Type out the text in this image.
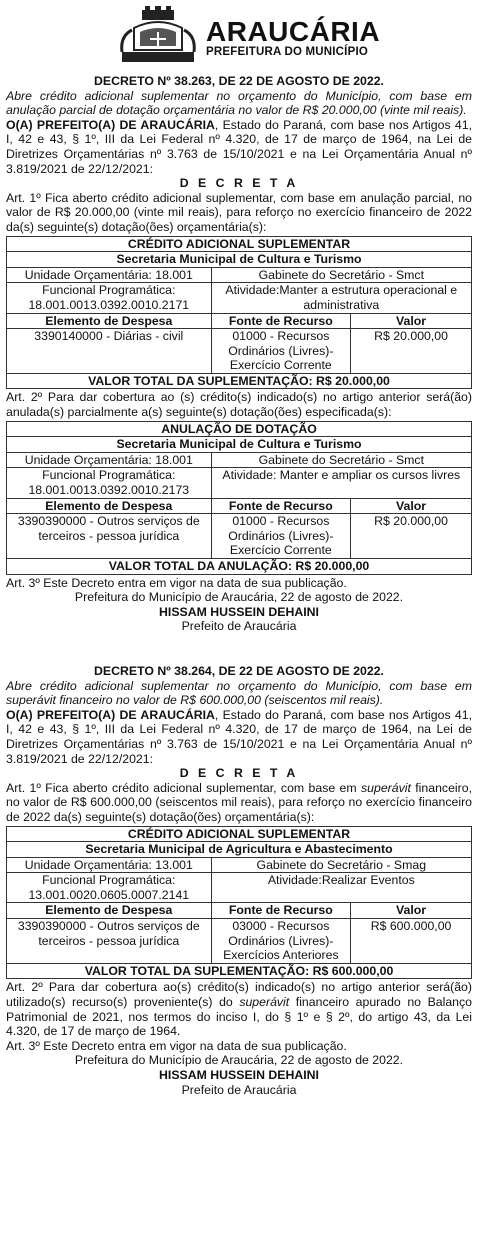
ARAUCÁRIA
PREFEITURA DO MUNICÍPIO

DECRETO Nº 38.263, DE 22 DE AGOSTO DE 2022.

Abre crédito adicional suplementar no orçamento do Município, com base em anulação parcial de dotação orçamentária no valor de R$ 20.000,00 (vinte mil reais).

O(A) PREFEITO(A) DE ARAUCÁRIA, Estado do Paraná, com base nos Artigos 41, I, 42 e 43, § 1º, III da Lei Federal nº 4.320, de 17 de março de 1964, na Lei de Diretrizes Orçamentárias nº 3.763 de 15/10/2021 e na Lei Orçamentária Anual nº 3.819/2021 de 22/12/2021:

D E C R E T A

Art. 1º Fica aberto crédito adicional suplementar, com base em anulação parcial, no valor de R$ 20.000,00 (vinte mil reais), para reforço no exercício financeiro de 2022 da(s) seguinte(s) dotação(ões) orçamentária(s):

CRÉDITO ADICIONAL SUPLEMENTAR		
Secretaria Municipal de Cultura e Turismo		
Unidade Orçamentária: 18.001	Gabinete do Secretário - Smct	
Funcional Programática: 18.001.0013.0392.0010.2171	Atividade:Manter a estrutura operacional e administrativa	
Elemento de Despesa	Fonte de Recurso	Valor
3390140000 - Diárias - civil	01000 - Recursos Ordinários (Livres)- Exercício Corrente	R$ 20.000,00
VALOR TOTAL DA SUPLEMENTAÇÃO: R$ 20.000,00		

Art. 2º Para dar cobertura ao (s) crédito(s) indicado(s) no artigo anterior será(ão) anulada(s) parcialmente a(s) seguinte(s) dotação(ões) especificada(s):

ANULAÇÃO DE DOTAÇÃO		
Secretaria Municipal de Cultura e Turismo		
Unidade Orçamentária: 18.001	Gabinete do Secretário - Smct	
Funcional Programática: 18.001.0013.0392.0010.2173	Atividade: Manter e ampliar os cursos livres	
Elemento de Despesa	Fonte de Recurso	Valor
3390390000 - Outros serviços de terceiros - pessoa jurídica	01000 - Recursos Ordinários (Livres)- Exercício Corrente	R$ 20.000,00
VALOR TOTAL DA ANULAÇÃO: R$ 20.000,00		

Art. 3º Este Decreto entra em vigor na data de sua publicação.

Prefeitura do Município de Araucária, 22 de agosto de 2022.

HISSAM HUSSEIN DEHAINI

Prefeito de Araucária

DECRETO Nº 38.264, DE 22 DE AGOSTO DE 2022.

Abre crédito adicional suplementar no orçamento do Município, com base em superávit financeiro no valor de R$ 600.000,00 (seiscentos mil reais).

O(A) PREFEITO(A) DE ARAUCÁRIA, Estado do Paraná, com base nos Artigos 41, I, 42 e 43, § 1º, III da Lei Federal nº 4.320, de 17 de março de 1964, na Lei de Diretrizes Orçamentárias nº 3.763 de 15/10/2021 e na Lei Orçamentária Anual nº 3.819/2021 de 22/12/2021:

D E C R E T A

Art. 1º Fica aberto crédito adicional suplementar, com base em superávit financeiro, no valor de R$ 600.000,00 (seiscentos mil reais), para reforço no exercício financeiro de 2022 da(s) seguinte(s) dotação(ões) orçamentária(s):

CRÉDITO ADICIONAL SUPLEMENTAR		
Secretaria Municipal de Agricultura e Abastecimento		
Unidade Orçamentária: 13.001	Gabinete do Secretário - Smag	
Funcional Programática: 13.001.0020.0605.0007.2141	Atividade:Realizar Eventos	
Elemento de Despesa	Fonte de Recurso	Valor
3390390000 - Outros serviços de terceiros - pessoa jurídica	03000 - Recursos Ordinários (Livres)- Exercícios Anteriores	R$ 600.000,00
VALOR TOTAL DA SUPLEMENTAÇÃO: R$ 600.000,00		

Art. 2º Para dar cobertura ao(s) crédito(s) indicado(s) no artigo anterior será(ão) utilizado(s) recurso(s) proveniente(s) do superávit financeiro apurado no Balanço Patrimonial de 2021, nos termos do inciso I, do § 1º e § 2º, do artigo 43, da Lei 4.320, de 17 de março de 1964.

Art. 3º Este Decreto entra em vigor na data de sua publicação.

Prefeitura do Município de Araucária, 22 de agosto de 2022.

HISSAM HUSSEIN DEHAINI

Prefeito de Araucária
